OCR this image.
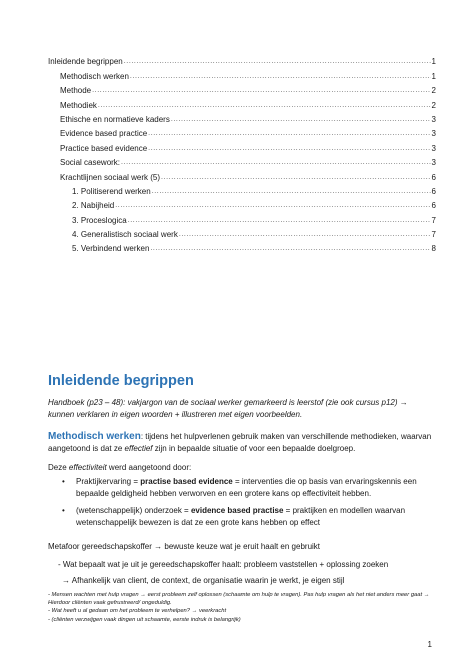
Inleidende begrippen .....	1
Methodisch werken .....	1
Methode .....	2
Methodiek .....	2
Ethische en normatieve kaders .....	3
Evidence based practice .....	3
Practice based evidence .....	3
Social casework: .....	3
Krachtlijnen sociaal werk (5) .....	6
1. Politiserend werken .....	6
2. Nabijheid .....	6
3. Proceslogica .....	7
4. Generalistisch sociaal werk .....	7
5. Verbindend werken .....	8
Inleidende begrippen
Handboek (p23 – 48): vakjargon van de sociaal werker gemarkeerd is leerstof (zie ook cursus p12) → kunnen verklaren in eigen woorden + illustreren met eigen voorbeelden.
Methodisch werken: tijdens het hulpverlenen gebruik maken van verschillende methodieken, waarvan aangetoond is dat ze effectief zijn in bepaalde situatie of voor een bepaalde doelgroep.
Deze effectiviteit werd aangetoond door:
•	Praktijkervaring = practise based evidence = interventies die op basis van ervaringskennis een bepaalde geldigheid hebben verworven en een grotere kans op effectiviteit hebben.
•	(wetenschappelijk) onderzoek = evidence based practise = praktijken en modellen waarvan wetenschappelijk bewezen is dat ze een grote kans hebben op effect
Metafoor gereedschapskoffer → bewuste keuze wat je eruit haalt en gebruikt
- Wat bepaalt wat je uit je gereedschapskoffer haalt: probleem vaststellen + oplossing zoeken
→ Afhankelijk van client, de context, de organisatie waarin je werkt, je eigen stijl
- Mensen wachten met hulp vragen → eerst probleem zelf oplossen (schaamte om hulp te vragen). Pas hulp vragen als het niet anders meer gaat → Hierdoor cliënten vaak gefrustreerd/ ongeduldig.
- Wat heeft u al gedaan om het probleem te verhelpen? → veerkracht
- (cliënten verzwijgen vaak dingen uit schaamte, eerste indruk is belangrijk)
1
